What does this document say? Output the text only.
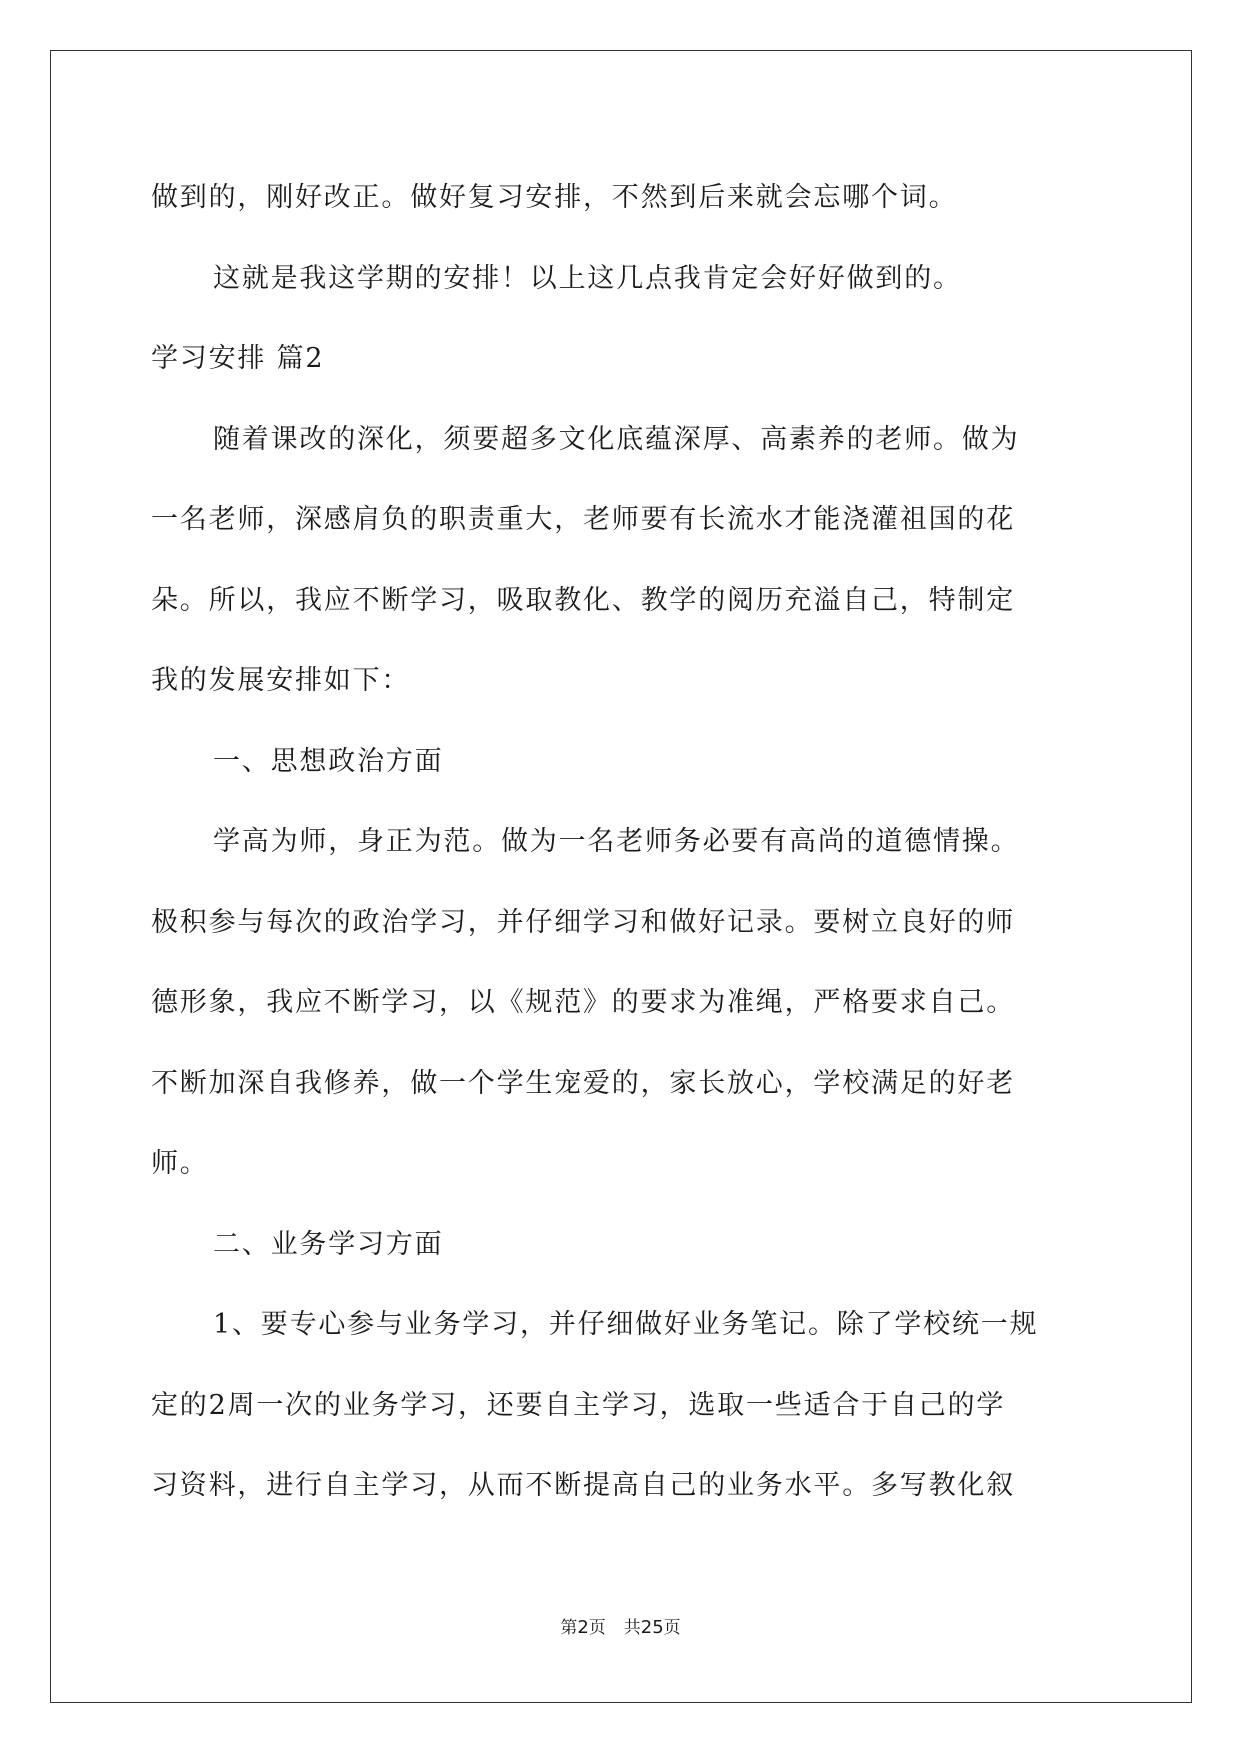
做到的，刚好改正。做好复习安排，不然到后来就会忘哪个词。
这就是我这学期的安排！以上这几点我肯定会好好做到的。
学习安排 篇2
随着课改的深化，须要超多文化底蕴深厚、高素养的老师。做为
一名老师，深感肩负的职责重大，老师要有长流水才能浇灌祖国的花
朵。所以，我应不断学习，吸取教化、教学的阅历充溢自己，特制定
我的发展安排如下：
一、思想政治方面
学高为师，身正为范。做为一名老师务必要有高尚的道德情操。
极积参与每次的政治学习，并仔细学习和做好记录。要树立良好的师
德形象，我应不断学习，以《规范》的要求为准绳，严格要求自己。
不断加深自我修养，做一个学生宠爱的，家长放心，学校满足的好老
师。
二、业务学习方面
1、要专心参与业务学习，并仔细做好业务笔记。除了学校统一规
定的2周一次的业务学习，还要自主学习，选取一些适合于自己的学
习资料，进行自主学习，从而不断提高自己的业务水平。多写教化叙
第2页 共25页
